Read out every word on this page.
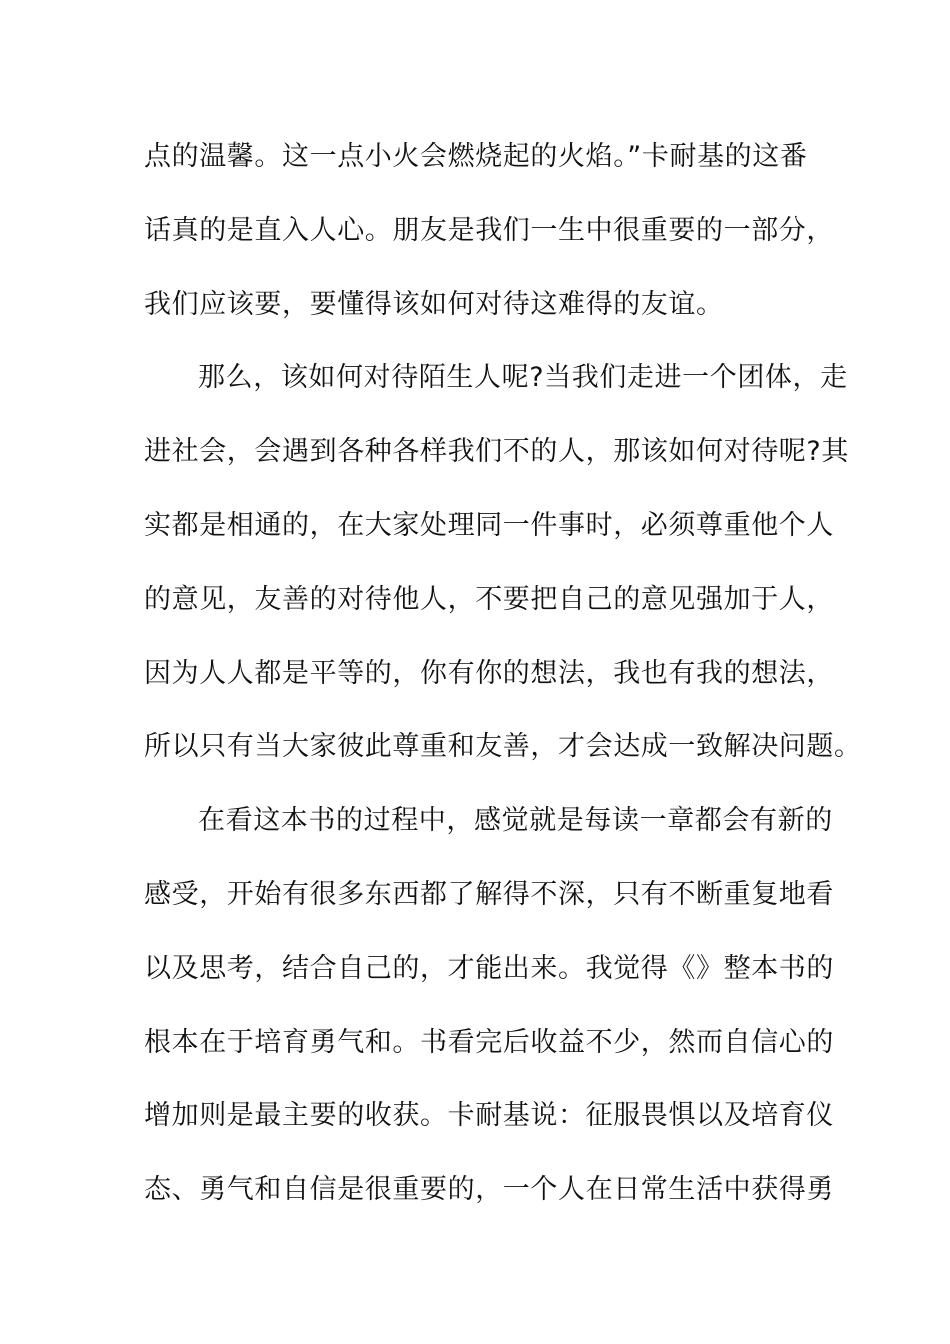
点的温馨。这一点小火会燃烧起的火焰。”卡耐基的这番
话真的是直入人心。朋友是我们一生中很重要的一部分，
我们应该要，要懂得该如何对待这难得的友谊。
那么，该如何对待陌生人呢?当我们走进一个团体，走
进社会，会遇到各种各样我们不的人，那该如何对待呢?其
实都是相通的，在大家处理同一件事时，必须尊重他个人
的意见，友善的对待他人，不要把自己的意见强加于人，
因为人人都是平等的，你有你的想法，我也有我的想法，
所以只有当大家彼此尊重和友善，才会达成一致解决问题。
在看这本书的过程中，感觉就是每读一章都会有新的
感受，开始有很多东西都了解得不深，只有不断重复地看
以及思考，结合自己的，才能出来。我觉得《》整本书的
根本在于培育勇气和。书看完后收益不少，然而自信心的
增加则是最主要的收获。卡耐基说：征服畏惧以及培育仪
态、勇气和自信是很重要的，一个人在日常生活中获得勇
